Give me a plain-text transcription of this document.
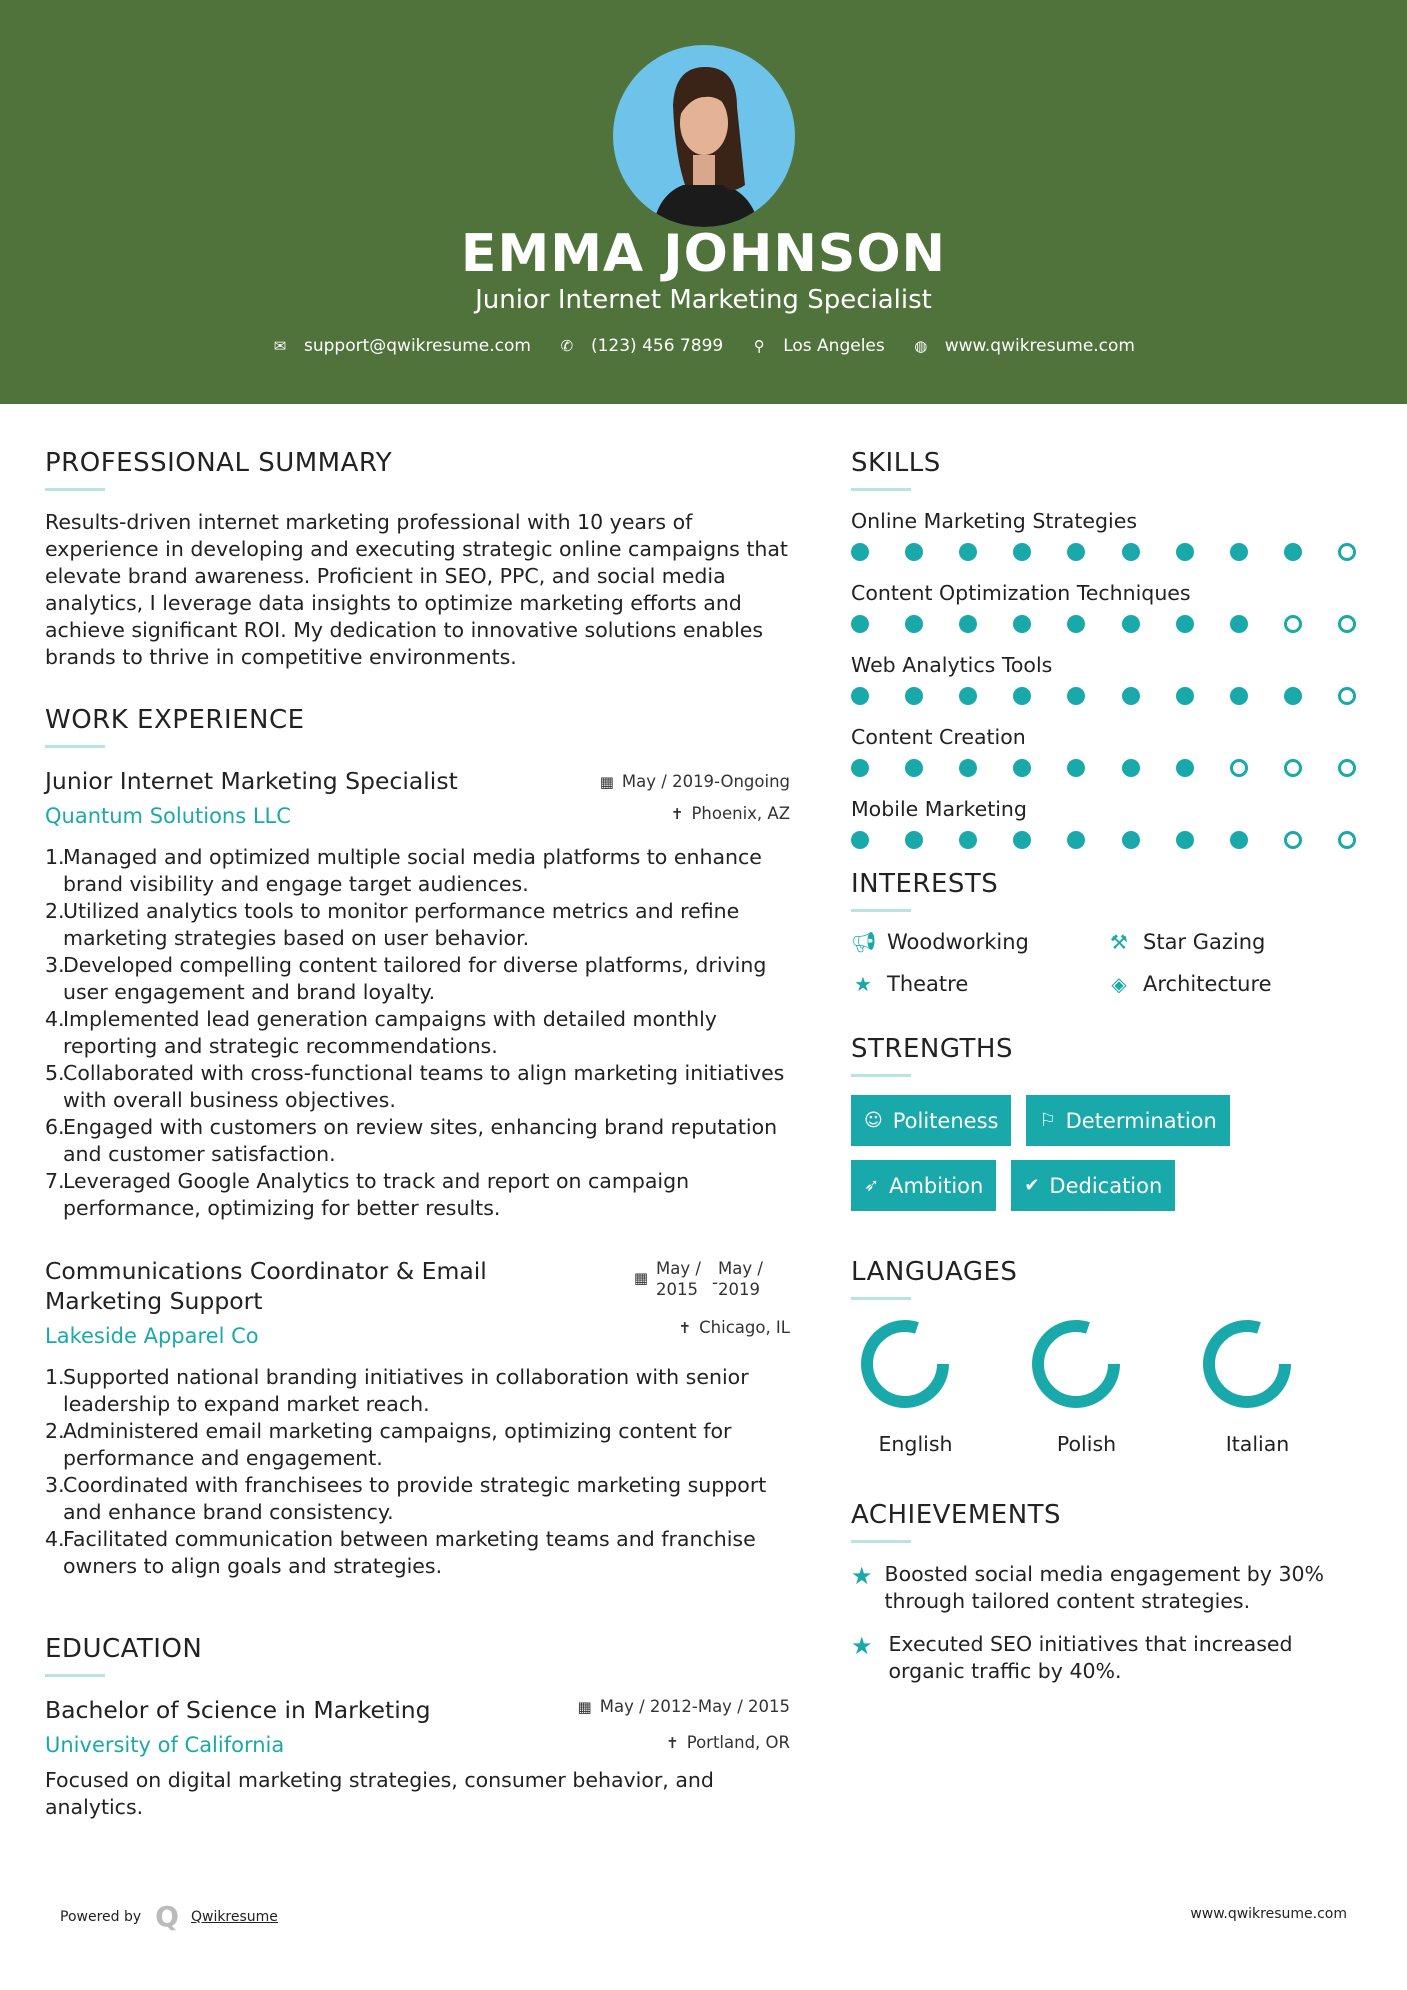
EMMA JOHNSON
Junior Internet Marketing Specialist
✉ support@qwikresume.com ✆ (123) 456 7899 ⚲ Los Angeles ◍ www.qwikresume.com
PROFESSIONAL SUMMARY
Results-driven internet marketing professional with 10 years of experience in developing and executing strategic online campaigns that elevate brand awareness. Proficient in SEO, PPC, and social media analytics, I leverage data insights to optimize marketing efforts and achieve significant ROI. My dedication to innovative solutions enables brands to thrive in competitive environments.
WORK EXPERIENCE
▦ May / 2019-Ongoing
✝ Phoenix, AZ
Junior Internet Marketing Specialist
Quantum Solutions LLC
Managed and optimized multiple social media platforms to enhance brand visibility and engage target audiences.
Utilized analytics tools to monitor performance metrics and refine marketing strategies based on user behavior.
Developed compelling content tailored for diverse platforms, driving user engagement and brand loyalty.
Implemented lead generation campaigns with detailed monthly reporting and strategic recommendations.
Collaborated with cross-functional teams to align marketing initiatives with overall business objectives.
Engaged with customers on review sites, enhancing brand reputation and customer satisfaction.
Leveraged Google Analytics to track and report on campaign performance, optimizing for better results.
▦ May /
2015 -
May /
2019
✝ Chicago, IL
Communications Coordinator & Email Marketing Support
Lakeside Apparel Co
Supported national branding initiatives in collaboration with senior leadership to expand market reach.
Administered email marketing campaigns, optimizing content for performance and engagement.
Coordinated with franchisees to provide strategic marketing support and enhance brand consistency.
Facilitated communication between marketing teams and franchise owners to align goals and strategies.
EDUCATION
▦ May / 2012-May / 2015
✝ Portland, OR
Bachelor of Science in Marketing
University of California
Focused on digital marketing strategies, consumer behavior, and analytics.
SKILLS
Online Marketing Strategies
Content Optimization Techniques
Web Analytics Tools
Content Creation
Mobile Marketing
INTERESTS
📢︎ Woodworking	⚒ Star Gazing
★ Theatre	◈ Architecture
STRENGTHS
☺ Politeness ⚐ Determination
➶ Ambition ✔ Dedication
LANGUAGES
English	Polish	Italian
ACHIEVEMENTS
★ Boosted social media engagement by 30% through tailored content strategies.
★ Executed SEO initiatives that increased organic traffic by 40%.
Powered by Q Qwikresume	www.qwikresume.com
